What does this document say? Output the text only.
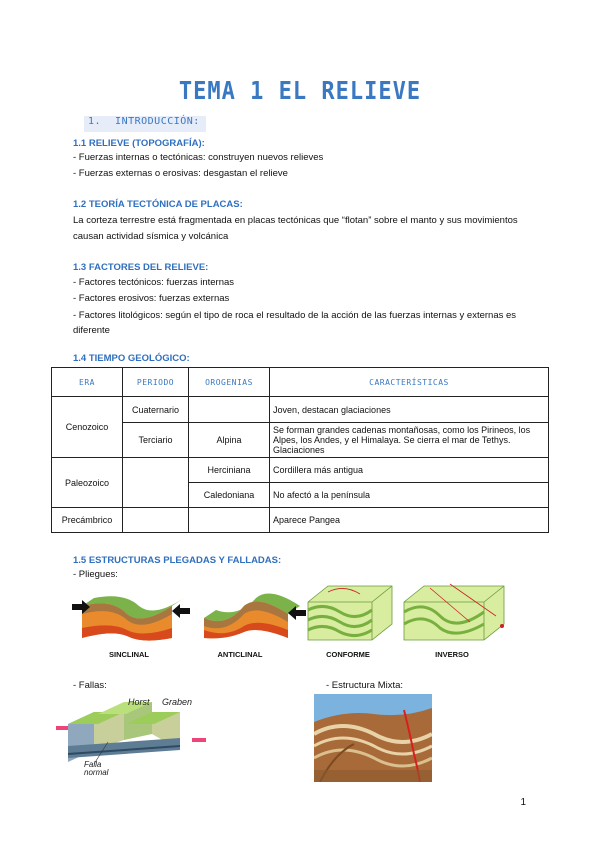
TEMA 1 EL RELIEVE
1. INTRODUCCIÓN:
1.1 RELIEVE (TOPOGRAFÍA):
- Fuerzas internas o tectónicas: construyen nuevos relieves
- Fuerzas externas o erosivas: desgastan el relieve
1.2 TEORÍA TECTÓNICA DE PLACAS:
La corteza terrestre está fragmentada en placas tectónicas que “flotan” sobre el manto y sus movimientos causan actividad sísmica y volcánica
1.3 FACTORES DEL RELIEVE:
- Factores tectónicos: fuerzas internas
- Factores erosivos: fuerzas externas
- Factores litológicos: según el tipo de roca el resultado de la acción de las fuerzas internas y externas es diferente
1.4 TIEMPO GEOLÓGICO:
ERA	PERIODO	OROGENIAS	CARACTERÍSTICAS
Cenozoico	Cuaternario		Joven, destacan glaciaciones
	Terciario	Alpina	Se forman grandes cadenas montañosas, como los Pirineos, los Alpes, los Andes, y el Himalaya. Se cierra el mar de Tethys. Glaciaciones
Paleozoico		Herciniana	Cordillera más antigua
		Caledoniana	No afectó a la península
Precámbrico			Aparece Pangea
1.5 ESTRUCTURAS PLEGADAS Y FALLADAS:
- Pliegues:
SINCLINAL	ANTICLINAL	CONFORME	INVERSO
- Fallas:
Horst Graben
Falla
normal
- Estructura Mixta:
1
